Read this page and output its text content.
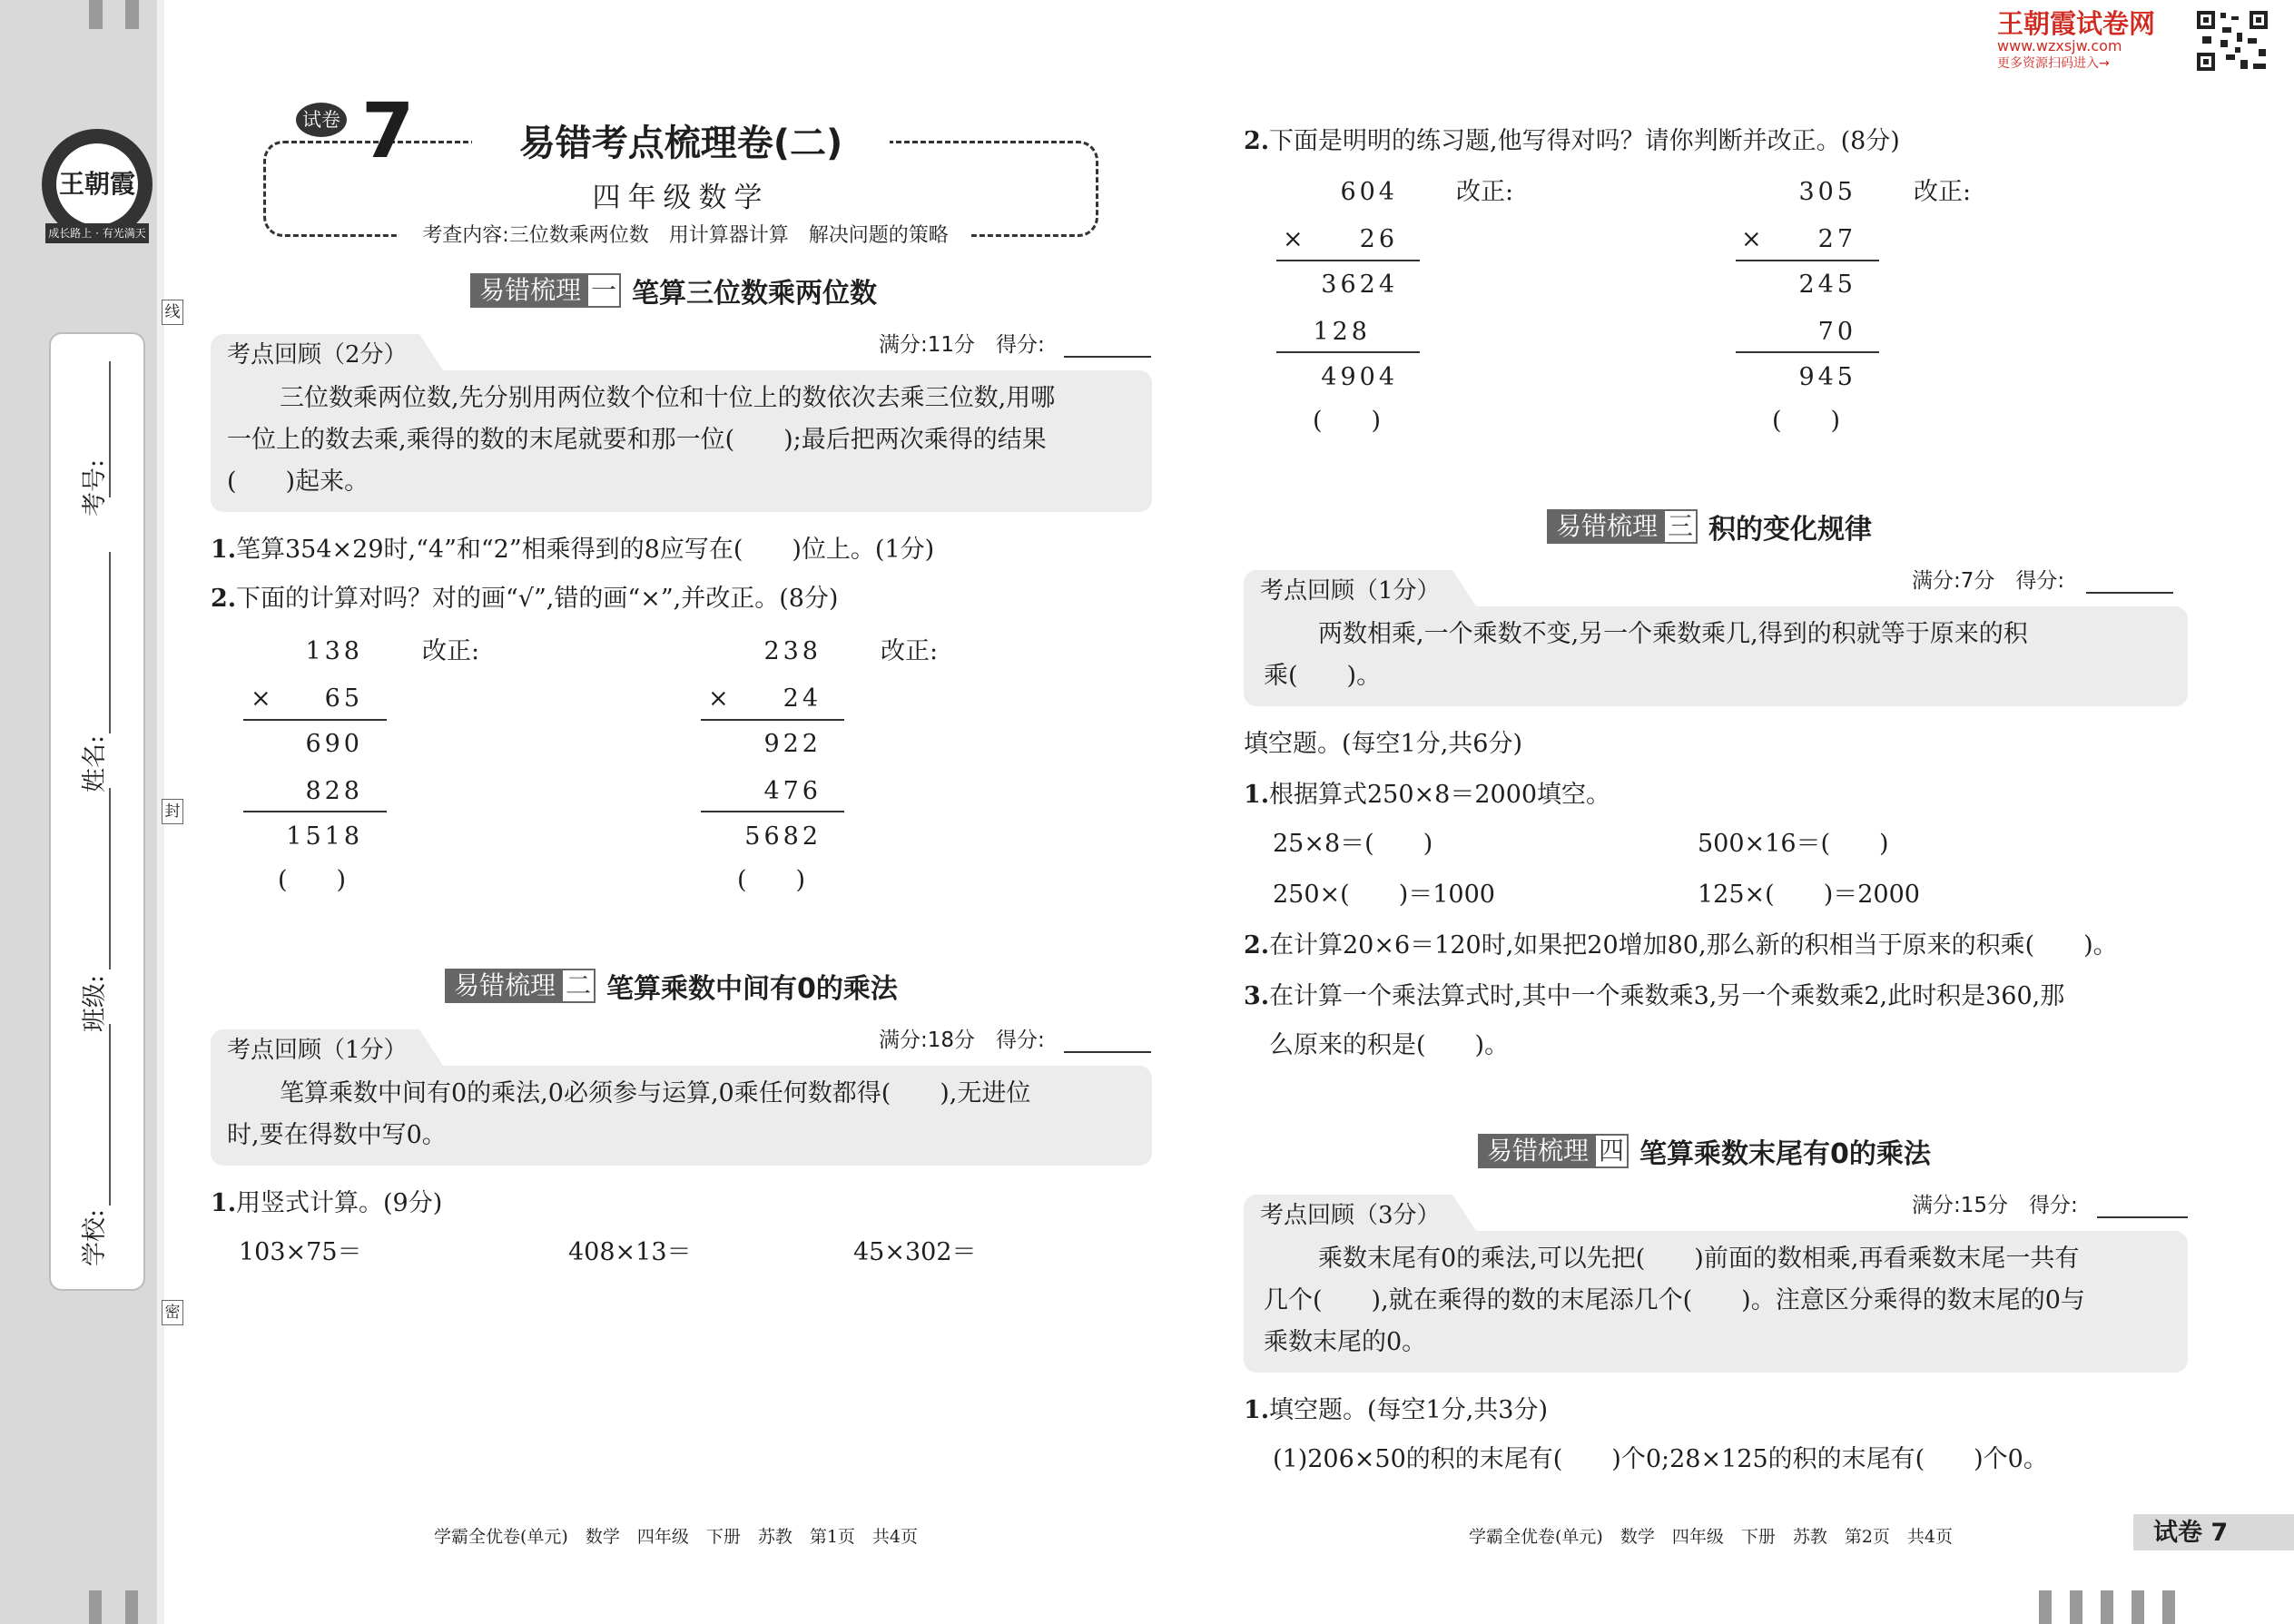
王朝霞
成长路上 · 有光满天
考号:
姓名:
班级:
学校:
线
封
密
试卷 7	易错考点梳理卷(二)
四年级数学
考查内容:三位数乘两位数　用计算器计算　解决问题的策略
王朝霞试卷网
www.wzxsjw.com
更多资源扫码进入→
易错梳理 一 笔算三位数乘两位数
考点回顾（2分）	满分:11分　得分:
三位数乘两位数,先分别用两位数个位和十位上的数依次去乘三位数,用哪
一位上的数去乘,乘得的数的末尾就要和那一位(　　);最后把两次乘得的结果
(　　)起来。
1. 笔算354×29时,“4”和“2”相乘得到的8应写在(　　)位上。(1分)
2. 下面的计算对吗？对的画“√”,错的画“×”,并改正。(8分)
138 改正:
×	65
690
828
1518
(　　)
238 改正:
×	24
922
476
5682
(　　)
易错梳理 二 笔算乘数中间有0的乘法
考点回顾（1分）	满分:18分　得分:
笔算乘数中间有0的乘法,0必须参与运算,0乘任何数都得(　　),无进位
时,要在得数中写0。
1. 用竖式计算。(9分)
103×75＝	408×13＝	45×302＝
学霸全优卷(单元)　数学　四年级　下册　苏教　第1页　共4页
2. 下面是明明的练习题,他写得对吗？请你判断并改正。(8分)
604 改正:
×	26
3624
128
4904
(　　)
305 改正:
×	27
245
70
945
(　　)
易错梳理 三 积的变化规律
考点回顾（1分）	满分:7分　得分:
两数相乘,一个乘数不变,另一个乘数乘几,得到的积就等于原来的积
乘(　　)。
填空题。(每空1分,共6分)
1. 根据算式250×8＝2000填空。
25×8＝(　　)	500×16＝(　　)
250×(　　)＝1000	125×(　　)＝2000
2. 在计算20×6＝120时,如果把20增加80,那么新的积相当于原来的积乘(　　)。
3. 在计算一个乘法算式时,其中一个乘数乘3,另一个乘数乘2,此时积是360,那
么原来的积是(　　)。
易错梳理 四 笔算乘数末尾有0的乘法
考点回顾（3分）	满分:15分　得分:
乘数末尾有0的乘法,可以先把(　　)前面的数相乘,再看乘数末尾一共有
几个(　　),就在乘得的数的末尾添几个(　　)。注意区分乘得的数末尾的0与
乘数末尾的0。
1. 填空题。(每空1分,共3分)
(1)206×50的积的末尾有(　　)个0;28×125的积的末尾有(　　)个0。
学霸全优卷(单元)　数学　四年级　下册　苏教　第2页　共4页	试卷 7
